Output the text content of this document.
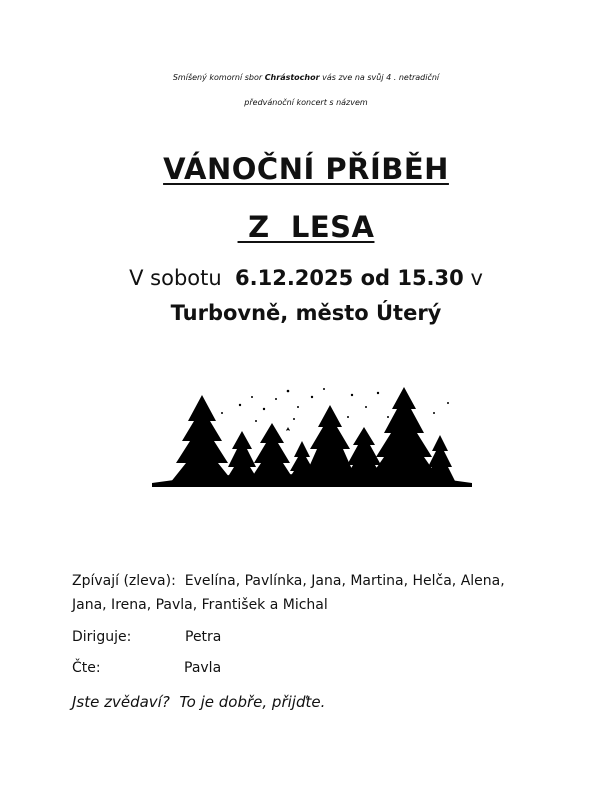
Smíšený komorní sbor Chrástochor vás zve na svůj 4 . netradiční
předvánoční koncert s názvem
VÁNOČNÍ PŘÍBĚH
Z  LESA
V sobotu  6.12.2025 od 15.30 v
Turbovně, město Úterý
Zpívají (zleva): Evelína, Pavlínka, Jana, Martina, Helča, Alena,
Jana, Irena, Pavla, František a Michal
Diriguje:	Petra
Čte:	Pavla
Jste zvědaví?  To je dobře, přijďte.
